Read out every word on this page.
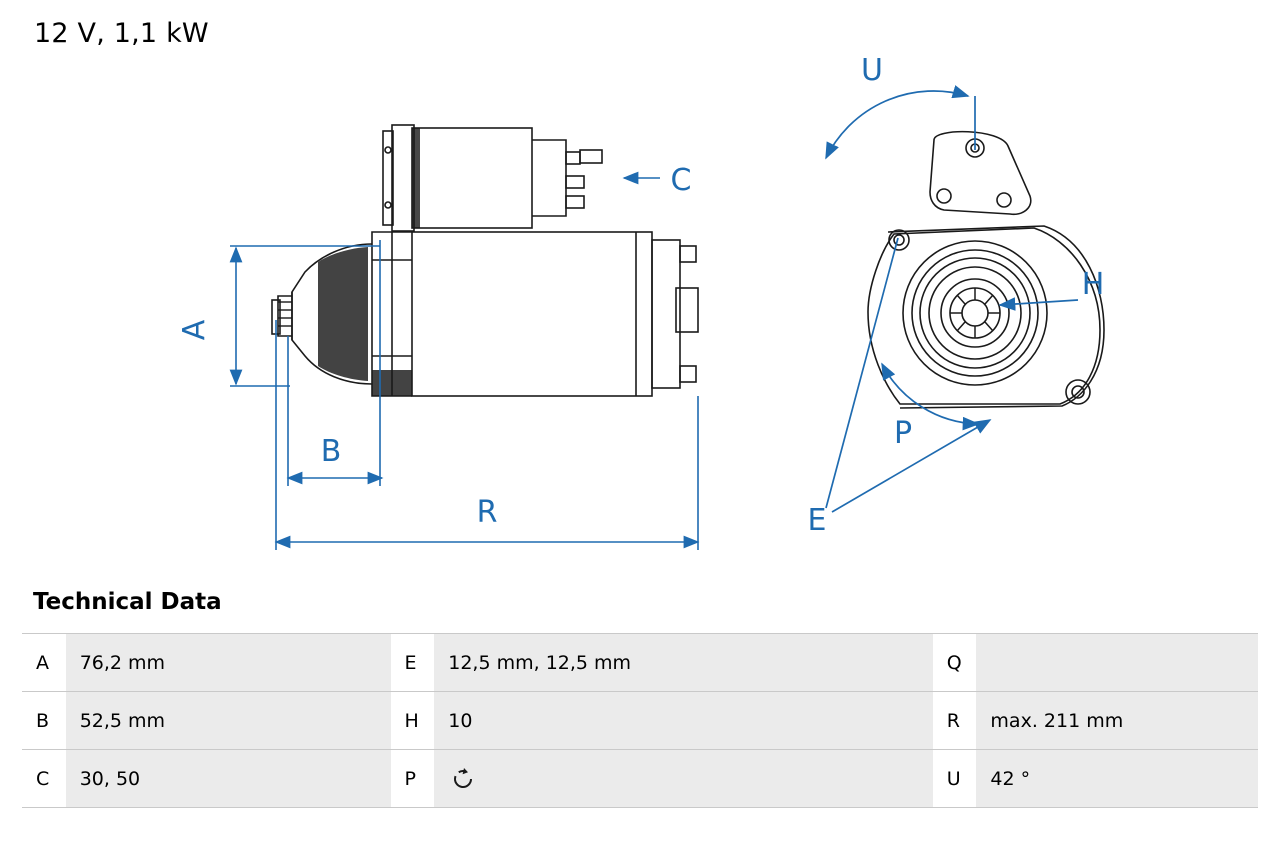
12 V, 1,1 kW
A
B
R
C
U
H
P
E
Technical Data
A	76,2 mm	E	12,5 mm, 12,5 mm	Q	
B	52,5 mm	H	10	R	max. 211 mm
C	30, 50	P		U	42 °
